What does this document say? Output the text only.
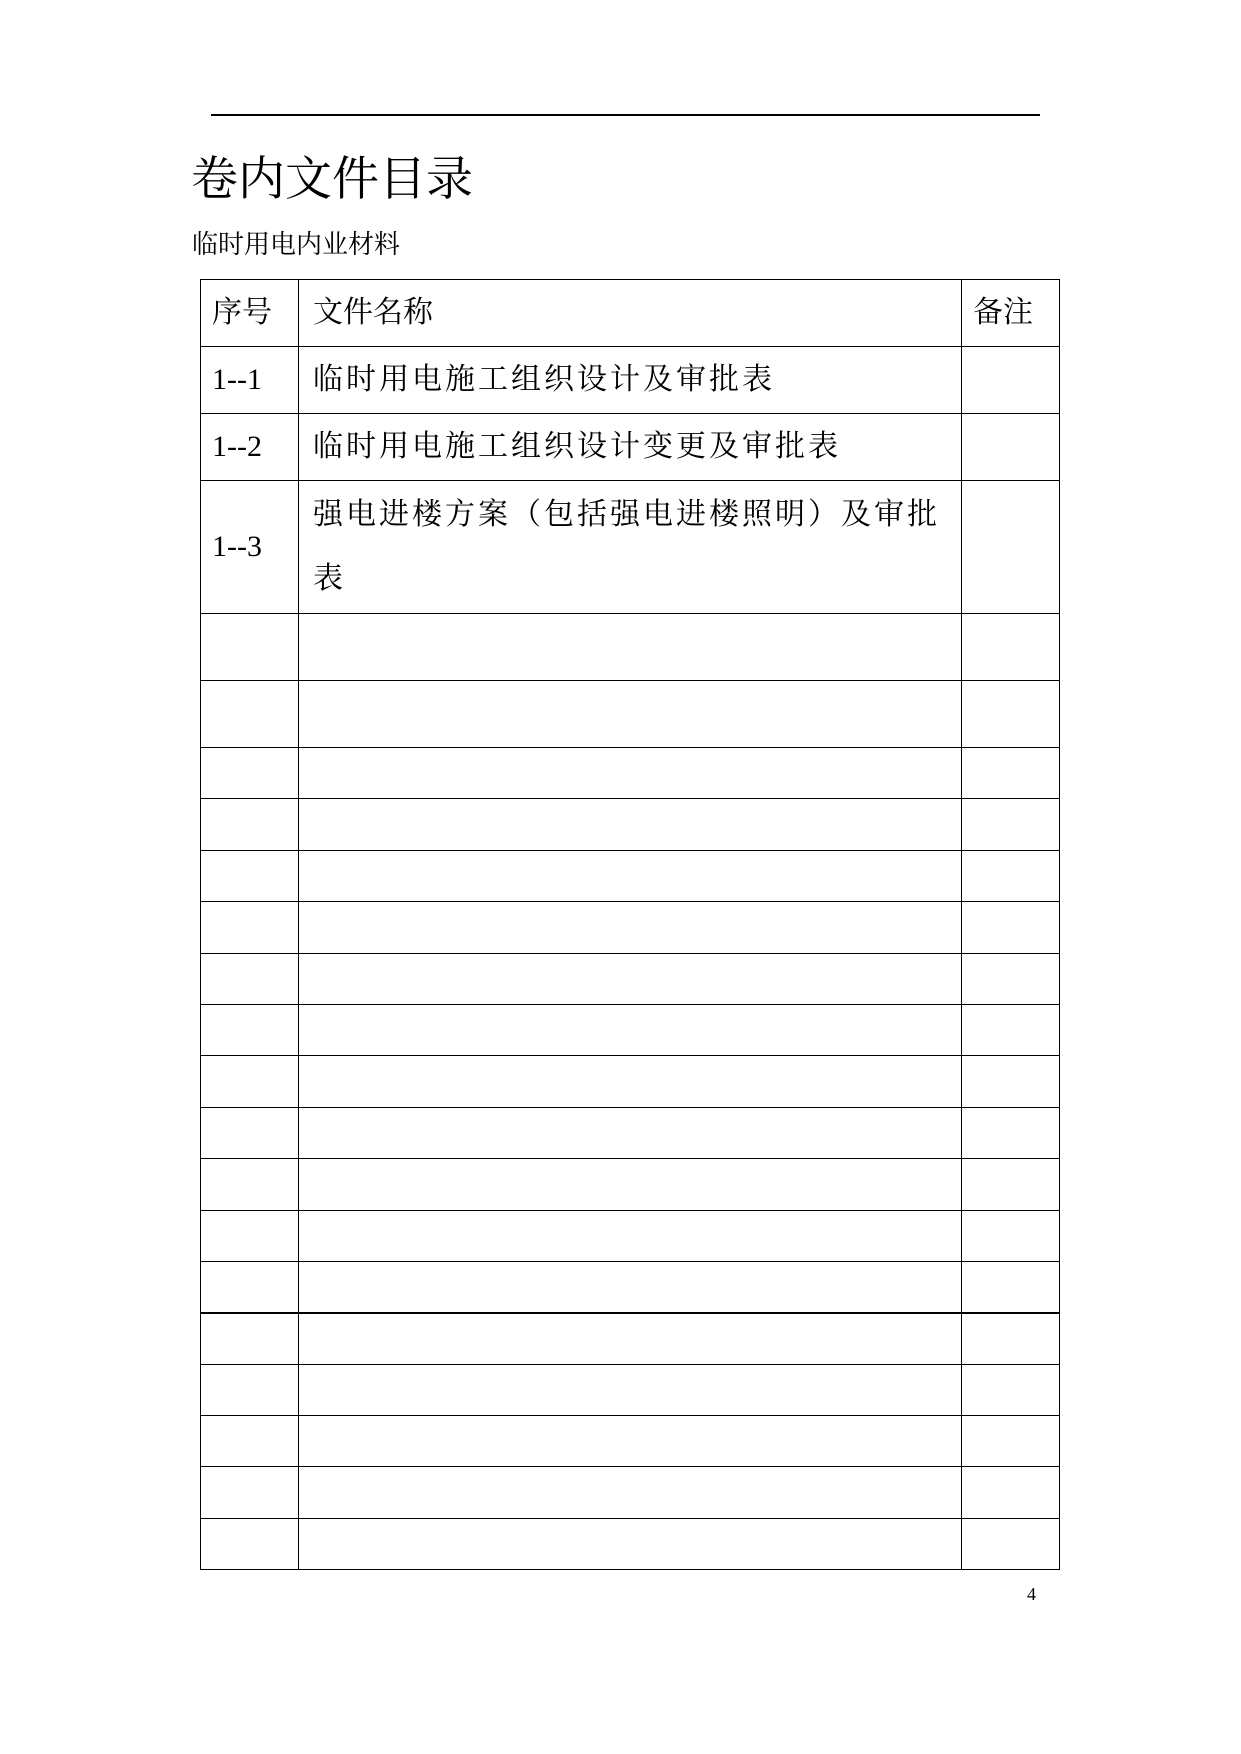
卷内文件目录
临时用电内业材料
序号	文件名称	备注
1--1	临时用电施工组织设计及审批表	
1--2	临时用电施工组织设计变更及审批表	
1--3	强电进楼方案（包括强电进楼照明）及审批表	

4
